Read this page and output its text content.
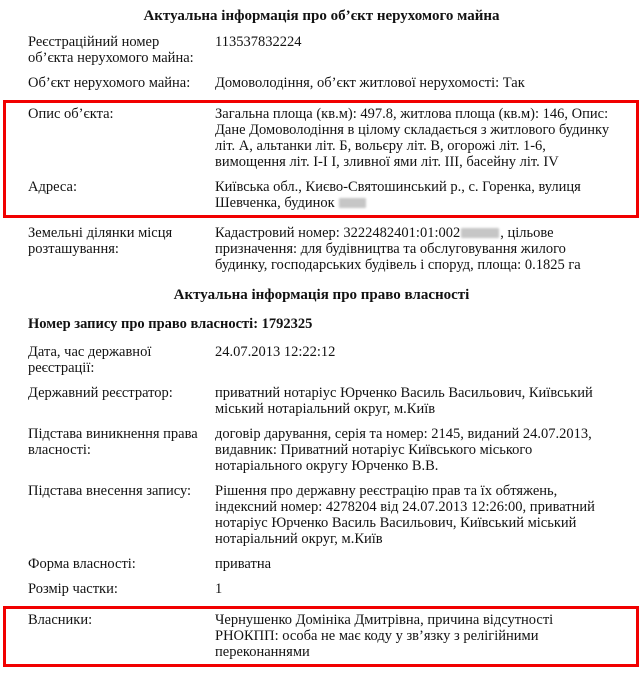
Актуальна інформація про об’єкт нерухомого майна
Реєстраційний номер об’єкта нерухомого майна:
113537832224
Об’єкт нерухомого майна:	Домоволодіння, об’єкт житлової нерухомості: Так
Опис об’єкта:	Загальна площа (кв.м): 497.8, житлова площа (кв.м): 146, Опис: Дане Домоволодіння в цілому складається з житлового будинку літ. А, альтанки літ. Б, вольєру літ. В, огорожі літ. 1-6, вимощення літ. I-I I, зливної ями літ. III, басейну літ. IV
Адреса:	Київська обл., Києво-Святошинський р., с. Горенка, вулиця Шевченка, будинок
Земельні ділянки місця розташування:
Кадастровий номер: 3222482401:01:002	, цільове призначення: для будівництва та обслуговування жилого будинку, господарських будівель і споруд, площа: 0.1825 га
Актуальна інформація про право власності
Номер запису про право власності: 1792325
Дата, час державної реєстрації:
24.07.2013 12:22:12
Державний реєстратор:	приватний нотаріус Юрченко Василь Васильович, Київський міський нотаріальний округ, м.Київ
Підстава виникнення права власності:
договір дарування, серія та номер: 2145, виданий 24.07.2013, видавник: Приватний нотаріус Київського міського нотаріального округу Юрченко В.В.
Підстава внесення запису:	Рішення про державну реєстрацію прав та їх обтяжень, індексний номер: 4278204 від 24.07.2013 12:26:00, приватний нотаріус Юрченко Василь Васильович, Київський міський нотаріальний округ, м.Київ
Форма власності:	приватна
Розмір частки:	1
Власники:	Чернушенко Домініка Дмитрівна, причина відсутності РНОКПП: особа не має коду у зв’язку з релігійними переконаннями
